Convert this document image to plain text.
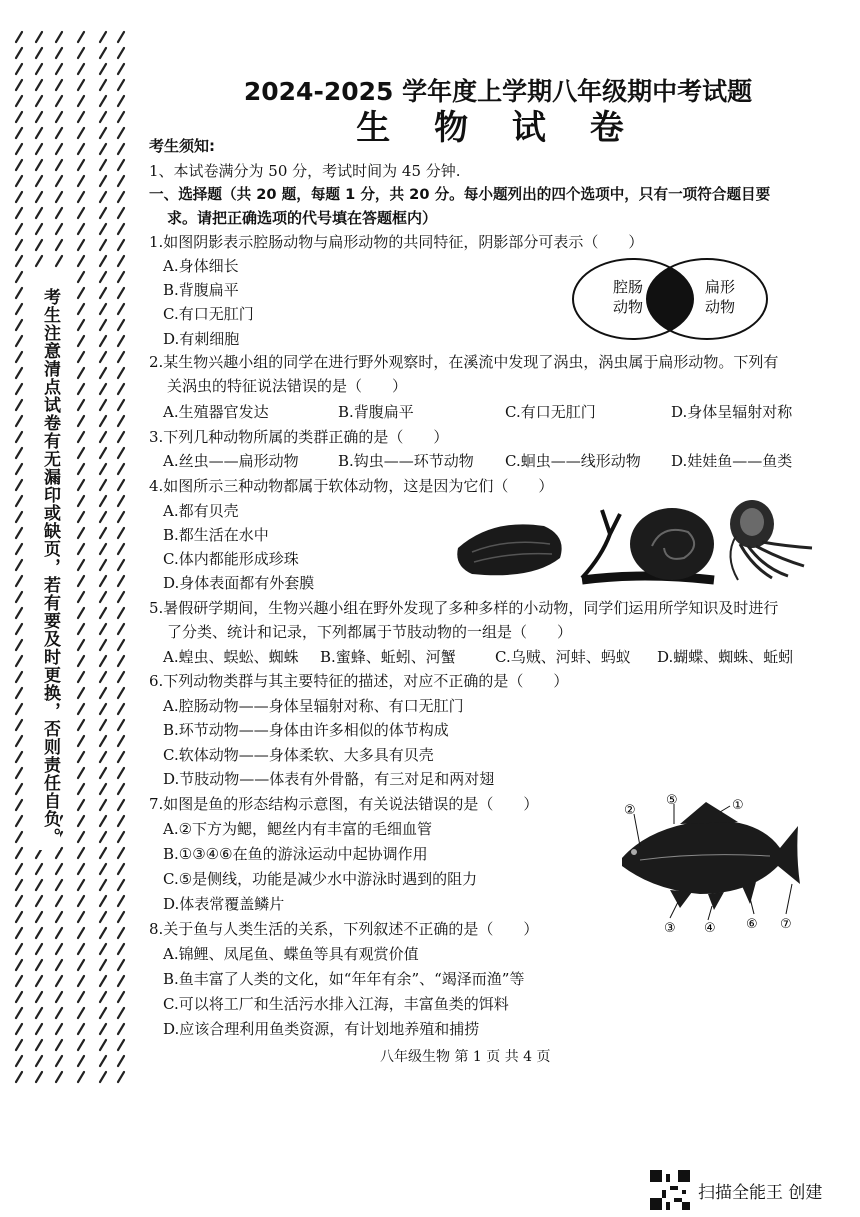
考生注意清点试卷有无漏印或缺页，若有要及时更换，否则责任自负。
2024-2025 学年度上学期八年级期中考试题
生 物 试 卷
考生须知:
1、本试卷满分为 50 分，考试时间为 45 分钟.
一、选择题（共 20 题，每题 1 分，共 20 分。每小题列出的四个选项中，只有一项符合题目要
求。请把正确选项的代号填在答题框内）
1.如图阴影表示腔肠动物与扁形动物的共同特征，阴影部分可表示（　　）
A.身体细长
B.背腹扁平
C.有口无肛门
D.有刺细胞
腔肠
动物
扁形
动物
2.某生物兴趣小组的同学在进行野外观察时，在溪流中发现了涡虫，涡虫属于扁形动物。下列有
关涡虫的特征说法错误的是（　　）
A.生殖器官发达	B.背腹扁平	C.有口无肛门	D.身体呈辐射对称
3.下列几种动物所属的类群正确的是（　　）
A.丝虫——扁形动物	B.钩虫——环节动物 C.蛔虫——线形动物 D.娃娃鱼——鱼类
4.如图所示三种动物都属于软体动物，这是因为它们（　　）
A.都有贝壳
B.都生活在水中
C.体内都能形成珍珠
D.身体表面都有外套膜
5.暑假研学期间，生物兴趣小组在野外发现了多种多样的小动物，同学们运用所学知识及时进行
了分类、统计和记录，下列都属于节肢动物的一组是（　　）
A.蝗虫、蜈蚣、蜘蛛 B.蜜蜂、蚯蚓、河蟹	C.乌贼、河蚌、蚂蚁 D.蝴蝶、蜘蛛、蚯蚓
6.下列动物类群与其主要特征的描述，对应不正确的是（　　）
A.腔肠动物——身体呈辐射对称、有口无肛门
B.环节动物——身体由许多相似的体节构成
C.软体动物——身体柔软、大多具有贝壳
D.节肢动物——体表有外骨骼，有三对足和两对翅
7.如图是鱼的形态结构示意图，有关说法错误的是（　　）
A.②下方为鳃，鳃丝内有丰富的毛细血管
B.①③④⑥在鱼的游泳运动中起协调作用
C.⑤是侧线，功能是减少水中游泳时遇到的阻力
D.体表常覆盖鳞片
①
②
③ ④
⑤
⑥ ⑦
8.关于鱼与人类生活的关系，下列叙述不正确的是（　　）
A.锦鲤、凤尾鱼、蝶鱼等具有观赏价值
B.鱼丰富了人类的文化，如“年年有余”、“竭泽而渔”等
C.可以将工厂和生活污水排入江海，丰富鱼类的饵料
D.应该合理利用鱼类资源，有计划地养殖和捕捞
八年级生物 第 1 页 共 4 页
扫描全能王 创建
